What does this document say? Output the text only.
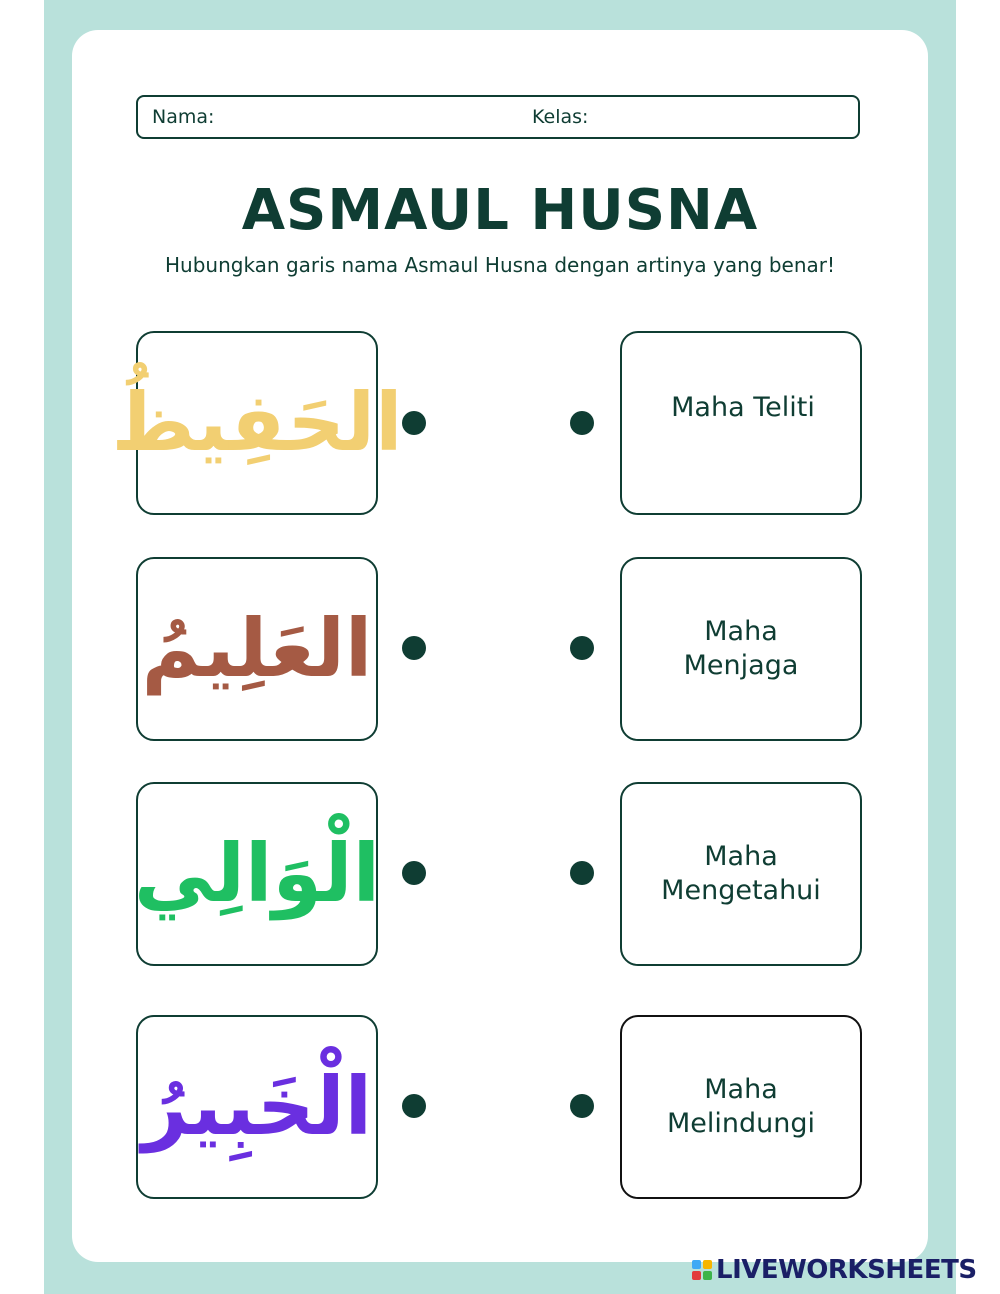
Nama:	Kelas:
ASMAUL HUSNA
Hubungkan garis nama Asmaul Husna dengan artinya yang benar!
الحَفِيظُ	Maha Teliti
العَلِيمُ	Maha
Menjaga
الْوَالِي	Maha
Mengetahui
الْخَبِيرُ	Maha
Melindungi
LIVEWORKSHEETS
